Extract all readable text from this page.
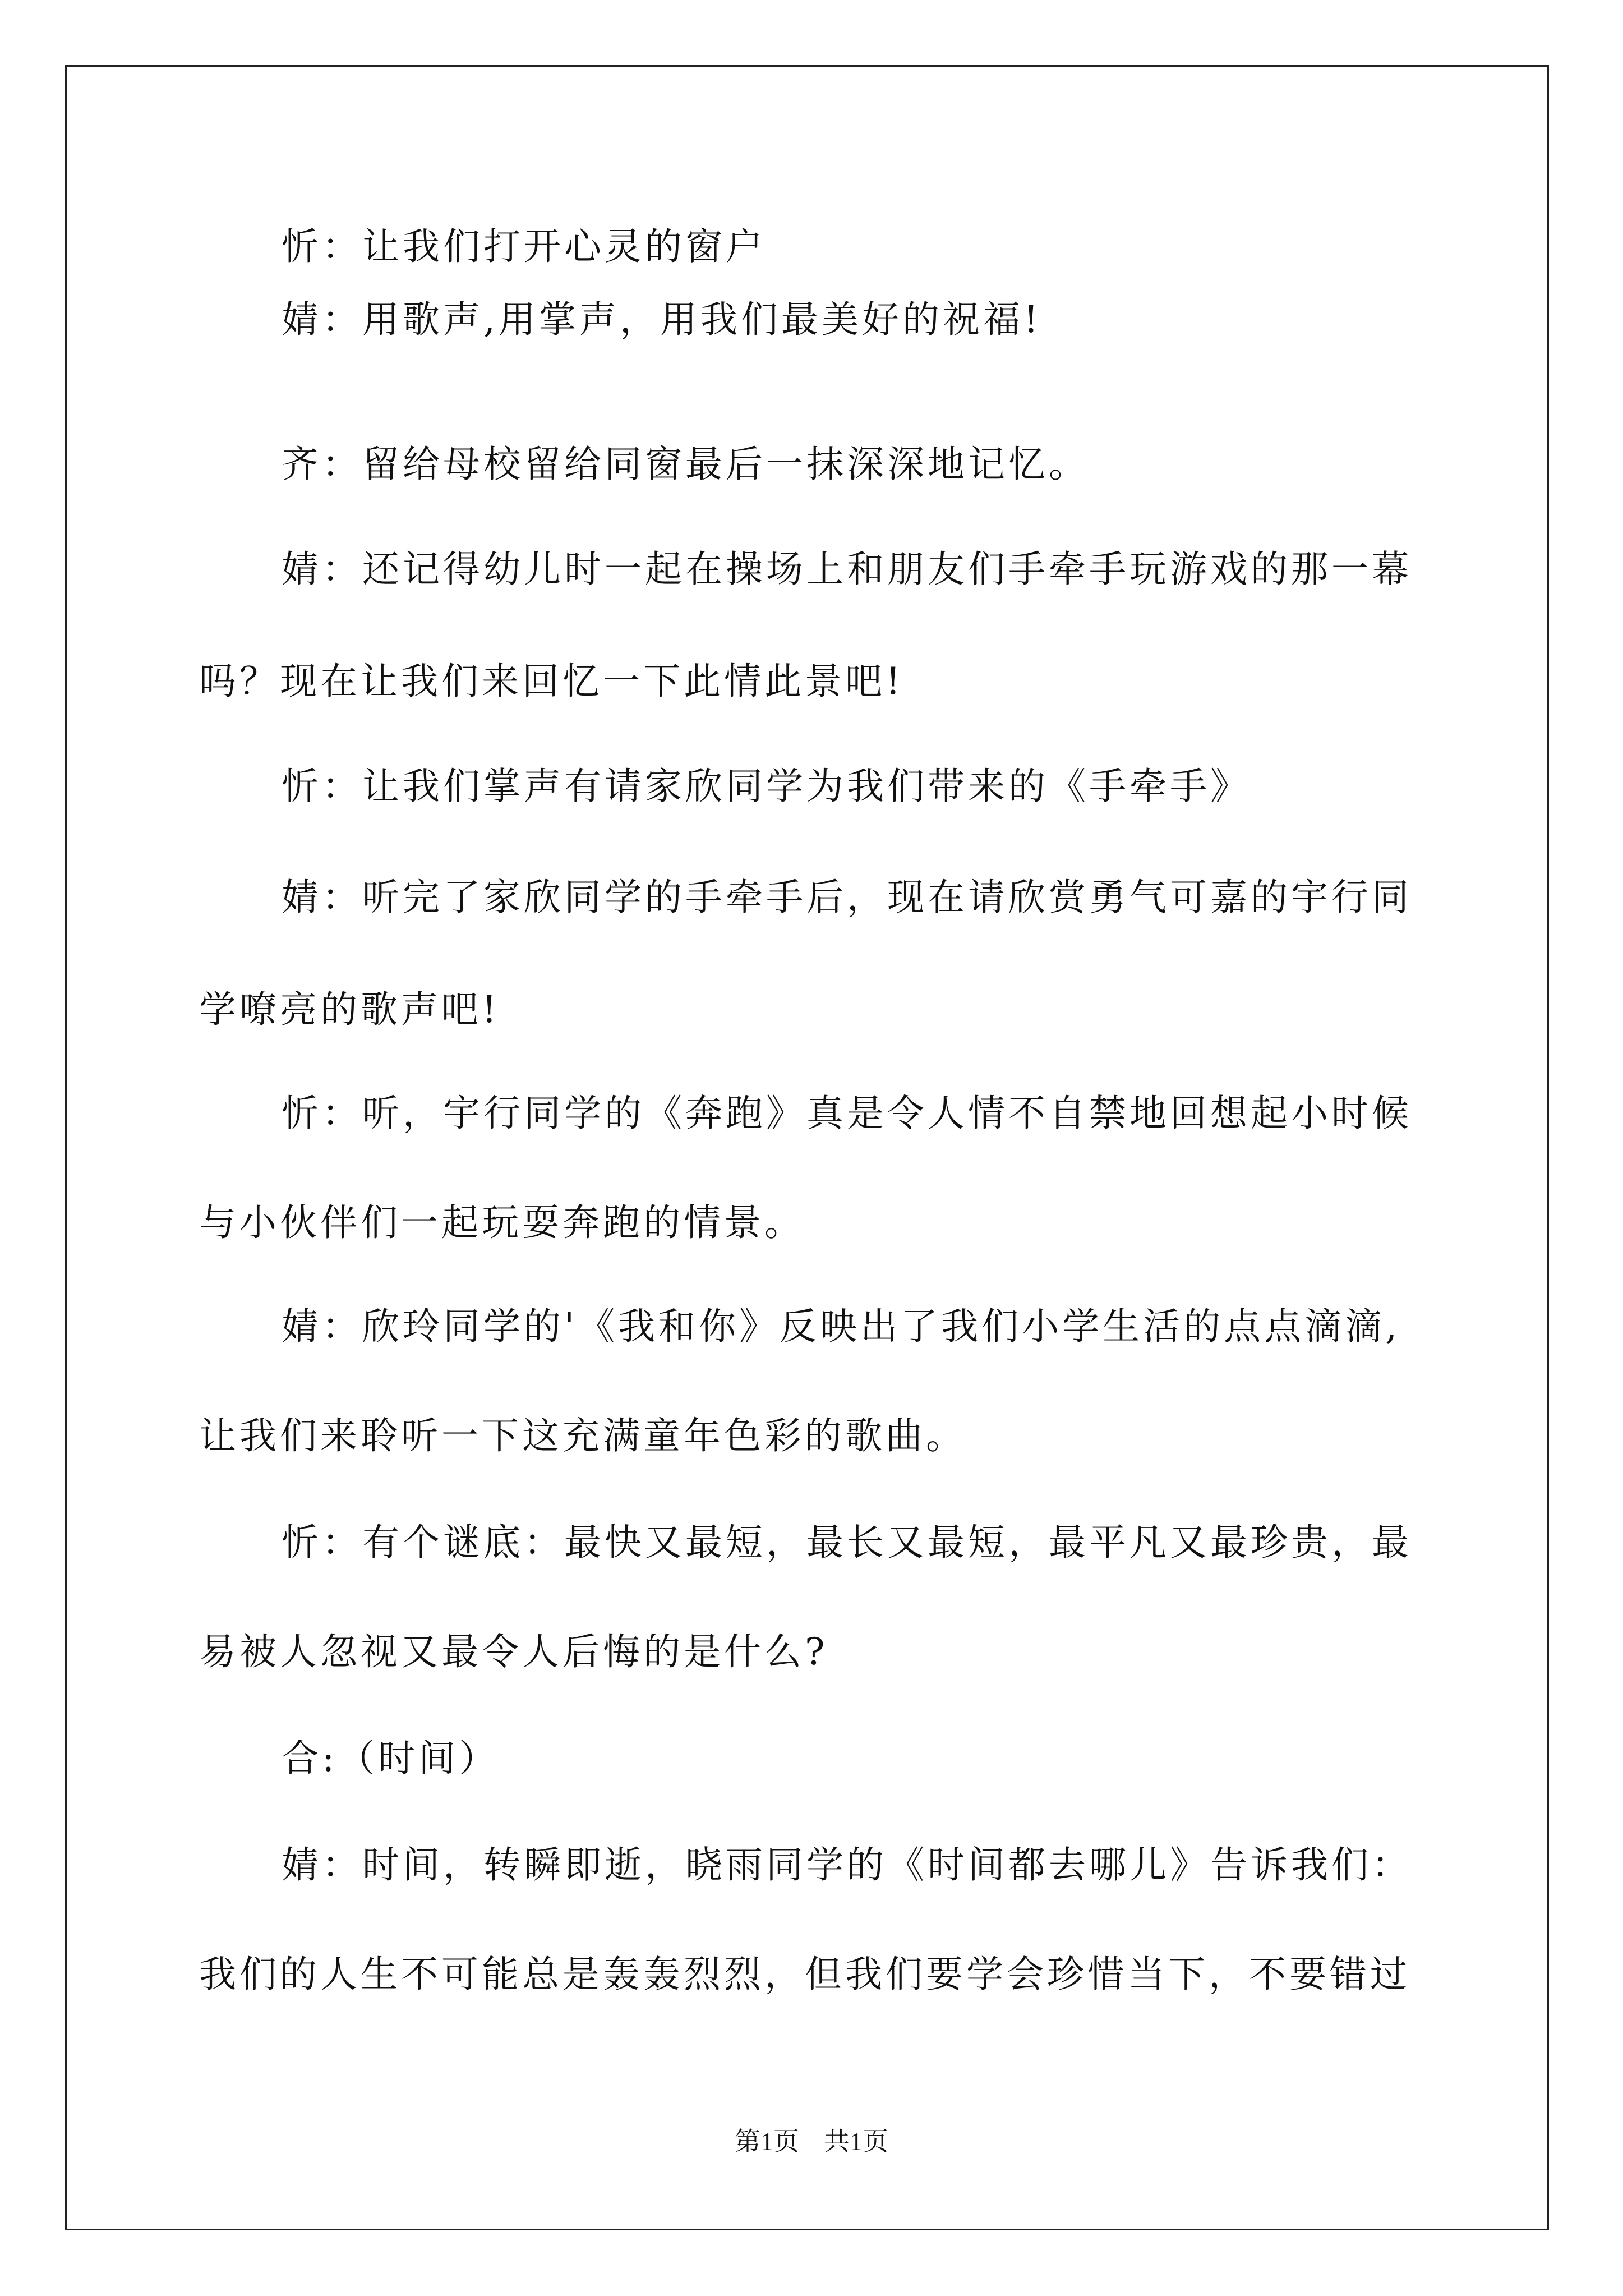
忻：让我们打开心灵的窗户
婧：用歌声,用掌声，用我们最美好的祝福!
齐：留给母校留给同窗最后一抹深深地记忆。
婧：还记得幼儿时一起在操场上和朋友们手牵手玩游戏的那一幕
吗？现在让我们来回忆一下此情此景吧!
忻：让我们掌声有请家欣同学为我们带来的《手牵手》
婧：听完了家欣同学的手牵手后，现在请欣赏勇气可嘉的宇行同
学嘹亮的歌声吧!
忻：听，宇行同学的《奔跑》真是令人情不自禁地回想起小时候
与小伙伴们一起玩耍奔跑的情景。
婧：欣玲同学的'《我和你》反映出了我们小学生活的点点滴滴,
让我们来聆听一下这充满童年色彩的歌曲。
忻：有个谜底：最快又最短，最长又最短，最平凡又最珍贵，最
易被人忽视又最令人后悔的是什么?
合:（时间）
婧：时间，转瞬即逝，晓雨同学的《时间都去哪儿》告诉我们：
我们的人生不可能总是轰轰烈烈，但我们要学会珍惜当下，不要错过
第1页 共1页
